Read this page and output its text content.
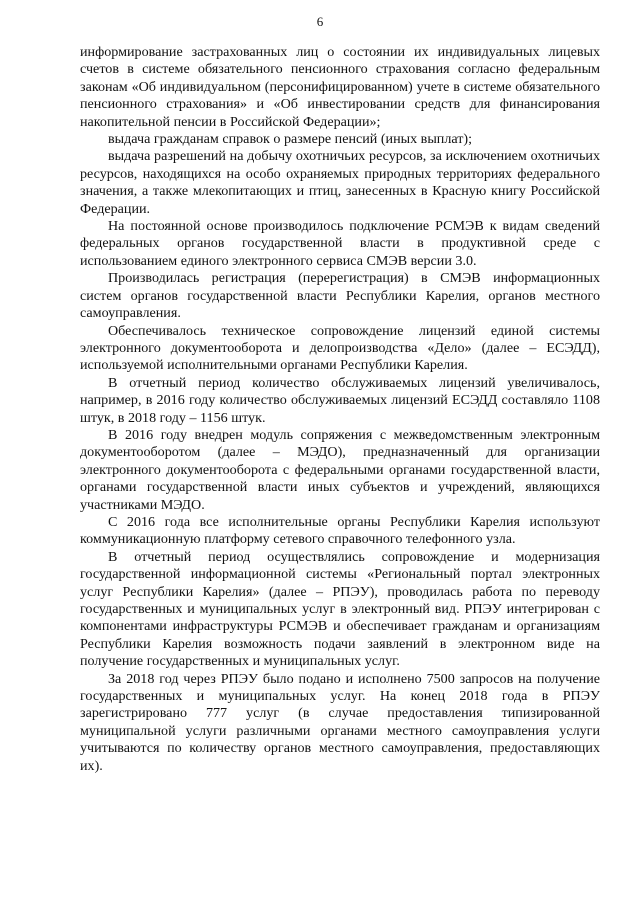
6

информирование застрахованных лиц о состоянии их индивидуальных лицевых счетов в системе обязательного пенсионного страхования согласно федеральным законам «Об индивидуальном (персонифицированном) учете в системе обязательного пенсионного страхования» и «Об инвестировании средств для финансирования накопительной пенсии в Российской Федерации»;

выдача гражданам справок о размере пенсий (иных выплат);

выдача разрешений на добычу охотничьих ресурсов, за исключением охотничьих ресурсов, находящихся на особо охраняемых природных территориях федерального значения, а также млекопитающих и птиц, занесенных в Красную книгу Российской Федерации.

На постоянной основе производилось подключение РСМЭВ к видам сведений федеральных органов государственной власти в продуктивной среде с использованием единого электронного сервиса СМЭВ версии 3.0.

Производилась регистрация (перерегистрация) в СМЭВ информационных систем органов государственной власти Республики Карелия, органов местного самоуправления.

Обеспечивалось техническое сопровождение лицензий единой системы электронного документооборота и делопроизводства «Дело» (далее – ЕСЭДД), используемой исполнительными органами Республики Карелия.

В отчетный период количество обслуживаемых лицензий увеличивалось, например, в 2016 году количество обслуживаемых лицензий ЕСЭДД составляло 1108 штук, в 2018 году – 1156 штук.

В 2016 году внедрен модуль сопряжения с межведомственным электронным документооборотом (далее – МЭДО), предназначенный для организации электронного документооборота с федеральными органами государственной власти, органами государственной власти иных субъектов и учреждений, являющихся участниками МЭДО.

С 2016 года все исполнительные органы Республики Карелия используют коммуникационную платформу сетевого справочного телефонного узла.

В отчетный период осуществлялись сопровождение и модернизация государственной информационной системы «Региональный портал электронных услуг Республики Карелия» (далее – РПЭУ), проводилась работа по переводу государственных и муниципальных услуг в электронный вид. РПЭУ интегрирован с компонентами инфраструктуры РСМЭВ и обеспечивает гражданам и организациям Республики Карелия возможность подачи заявлений в электронном виде на получение государственных и муниципальных услуг.

За 2018 год через РПЭУ было подано и исполнено 7500 запросов на получение государственных и муниципальных услуг. На конец 2018 года в РПЭУ зарегистрировано 777 услуг (в случае предоставления типизированной муниципальной услуги различными органами местного самоуправления услуги учитываются по количеству органов местного самоуправления, предоставляющих их).
